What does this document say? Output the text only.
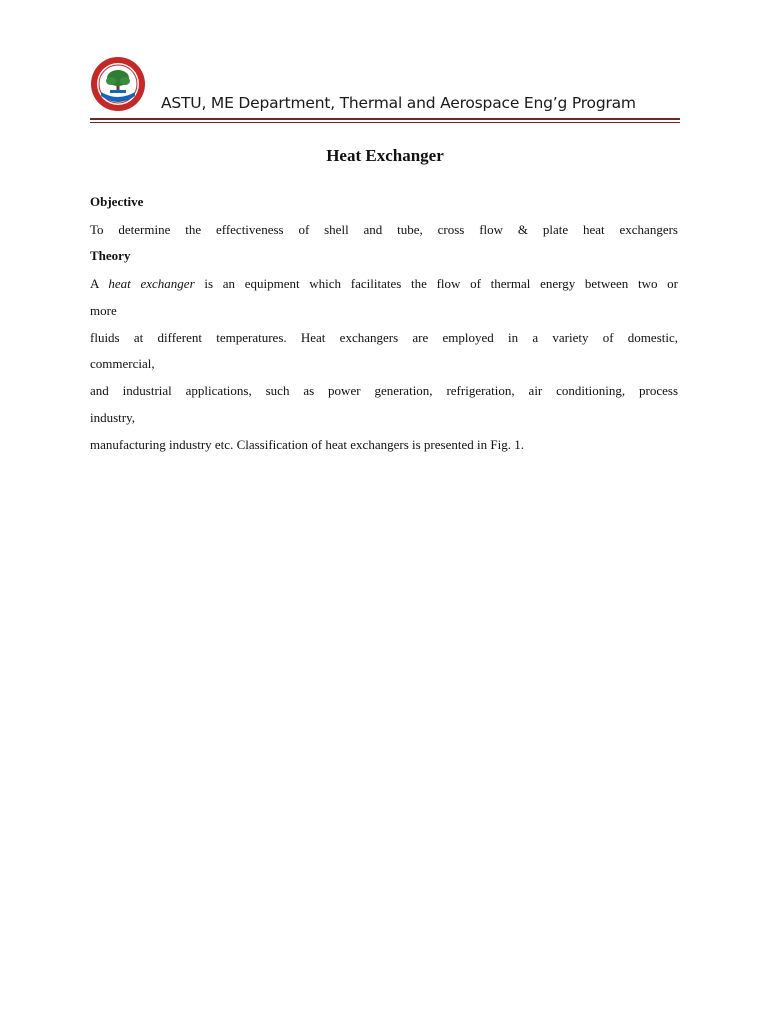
ASTU, ME Department, Thermal and Aerospace Eng’g Program
Heat Exchanger
Objective
To determine the effectiveness of shell and tube, cross flow & plate heat exchangers
Theory
A heat exchanger is an equipment which facilitates the flow of thermal energy between two or
more
fluids at different temperatures. Heat exchangers are employed in a variety of domestic,
commercial,
and industrial applications, such as power generation, refrigeration, air conditioning, process
industry,
manufacturing industry etc. Classification of heat exchangers is presented in Fig. 1.
